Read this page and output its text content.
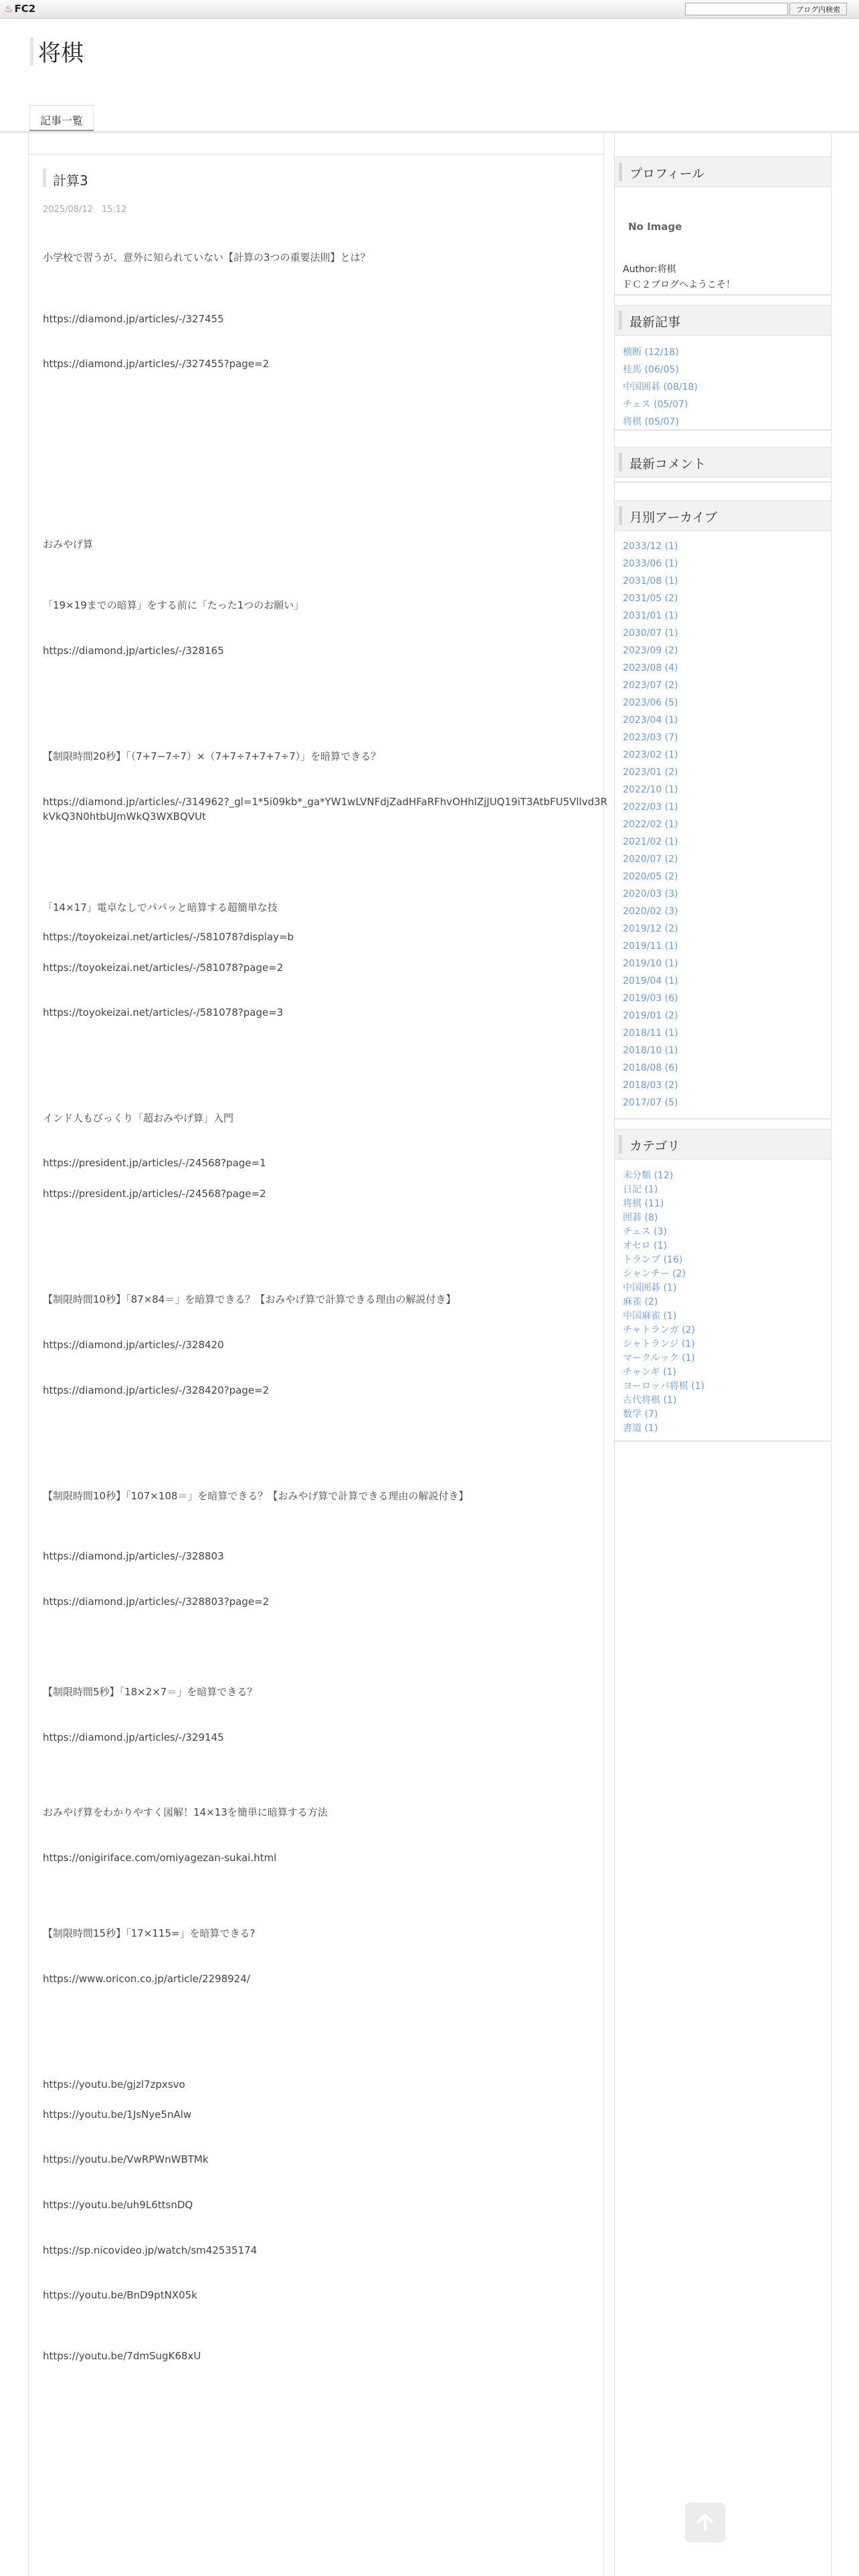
♨ FC2	ブログ内検索
将棋
記事一覧
計算3
2025/08/12　15:12
小学校で習うが、意外に知られていない【計算の3つの重要法則】とは？
https://diamond.jp/articles/-/327455
https://diamond.jp/articles/-/327455?page=2
おみやげ算
「19×19までの暗算」をする前に「たった1つのお願い」
https://diamond.jp/articles/-/328165
【制限時間20秒】「（7+7−7÷7）×（7+7÷7+7+7÷7）」を暗算できる？
https://diamond.jp/articles/-/314962?_gl=1*5i09kb*_ga*YW1wLVNFdjZadHFaRFhvOHhlZjJUQ19iT3AtbFU5Vllvd3RkVkQ3N0htbUJmWkQ3WXBQVUt
「14×17」電卓なしでパパッと暗算する超簡単な技
https://toyokeizai.net/articles/-/581078?display=b
https://toyokeizai.net/articles/-/581078?page=2
https://toyokeizai.net/articles/-/581078?page=3
インド人もびっくり「超おみやげ算」入門
https://president.jp/articles/-/24568?page=1
https://president.jp/articles/-/24568?page=2
【制限時間10秒】「87×84＝」を暗算できる？【おみやげ算で計算できる理由の解説付き】
https://diamond.jp/articles/-/328420
https://diamond.jp/articles/-/328420?page=2
【制限時間10秒】「107×108＝」を暗算できる？【おみやげ算で計算できる理由の解説付き】
https://diamond.jp/articles/-/328803
https://diamond.jp/articles/-/328803?page=2
【制限時間5秒】「18×2×7＝」を暗算できる？
https://diamond.jp/articles/-/329145
おみやげ算をわかりやすく図解！14×13を簡単に暗算する方法
https://onigiriface.com/omiyagezan-sukai.html
【制限時間15秒】「17×115=」を暗算できる?
https://www.oricon.co.jp/article/2298924/
https://youtu.be/gjzl7zpxsvo
https://youtu.be/1JsNye5nAlw
https://youtu.be/VwRPWnWBTMk
https://youtu.be/uh9L6ttsnDQ
https://sp.nicovideo.jp/watch/sm42535174
https://youtu.be/BnD9ptNX05k
https://youtu.be/7dmSugK68xU
プロフィール
No Image
Author:将棋
ＦＣ２ブログへようこそ！
最新記事
横断 (12/18)
桂馬 (06/05)
中国囲碁 (08/18)
チェス (05/07)
将棋 (05/07)
最新コメント
月別アーカイブ
2033/12 (1)
2033/06 (1)
2031/08 (1)
2031/05 (2)
2031/01 (1)
2030/07 (1)
2023/09 (2)
2023/08 (4)
2023/07 (2)
2023/06 (5)
2023/04 (1)
2023/03 (7)
2023/02 (1)
2023/01 (2)
2022/10 (1)
2022/03 (1)
2022/02 (1)
2021/02 (1)
2020/07 (2)
2020/05 (2)
2020/03 (3)
2020/02 (3)
2019/12 (2)
2019/11 (1)
2019/10 (1)
2019/04 (1)
2019/03 (6)
2019/01 (2)
2018/11 (1)
2018/10 (1)
2018/08 (6)
2018/03 (2)
2017/07 (5)
カテゴリ
未分類 (12)
日記 (1)
将棋 (11)
囲碁 (8)
チェス (3)
オセロ (1)
トランプ (16)
シャンチー (2)
中国囲碁 (1)
麻雀 (2)
中国麻雀 (1)
チャトランガ (2)
シャトランジ (1)
マークルック (1)
チャンギ (1)
ヨーロッパ将棋 (1)
古代将棋 (1)
数学 (7)
書道 (1)
